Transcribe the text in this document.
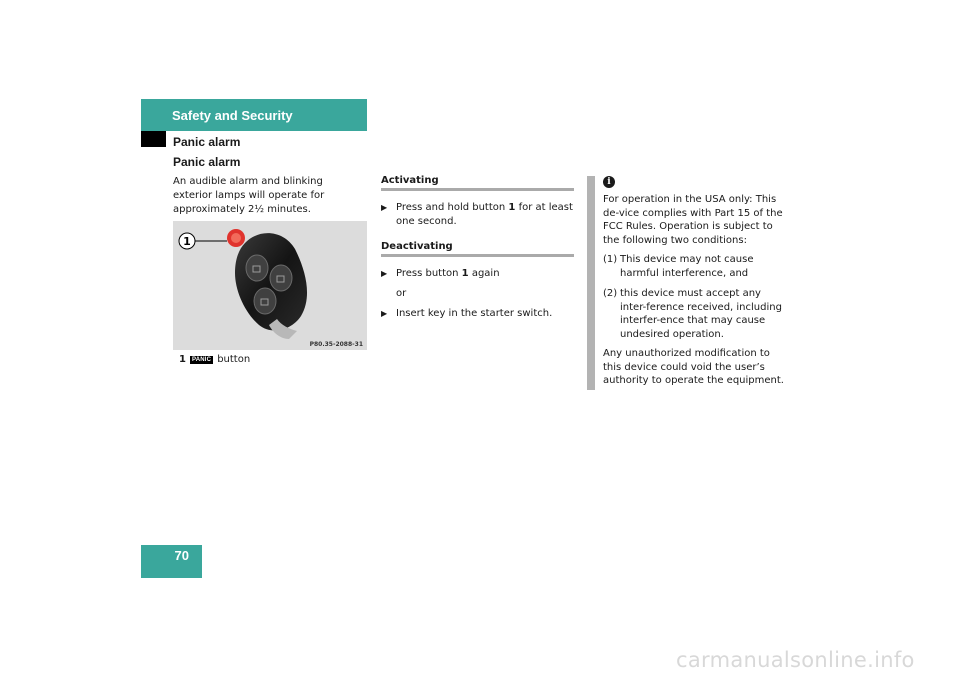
Safety and Security
Panic alarm
Panic alarm
An audible alarm and blinking exterior lamps will operate for approximately 2½ minutes.
1
P80.35-2088-31
1	PANIC button
Activating
▶ Press and hold button 1 for at least one second.
Deactivating
▶ Press button 1 again
or
▶ Insert key in the starter switch.
i
For operation in the USA only: This de-vice complies with Part 15 of the FCC Rules. Operation is subject to the following two conditions:
(1) This device may not cause harmful interference, and
(2) this device must accept any inter-ference received, including interfer-ence that may cause undesired operation.
Any unauthorized modification to this device could void the user’s authority to operate the equipment.
70
carmanualsonline.info
